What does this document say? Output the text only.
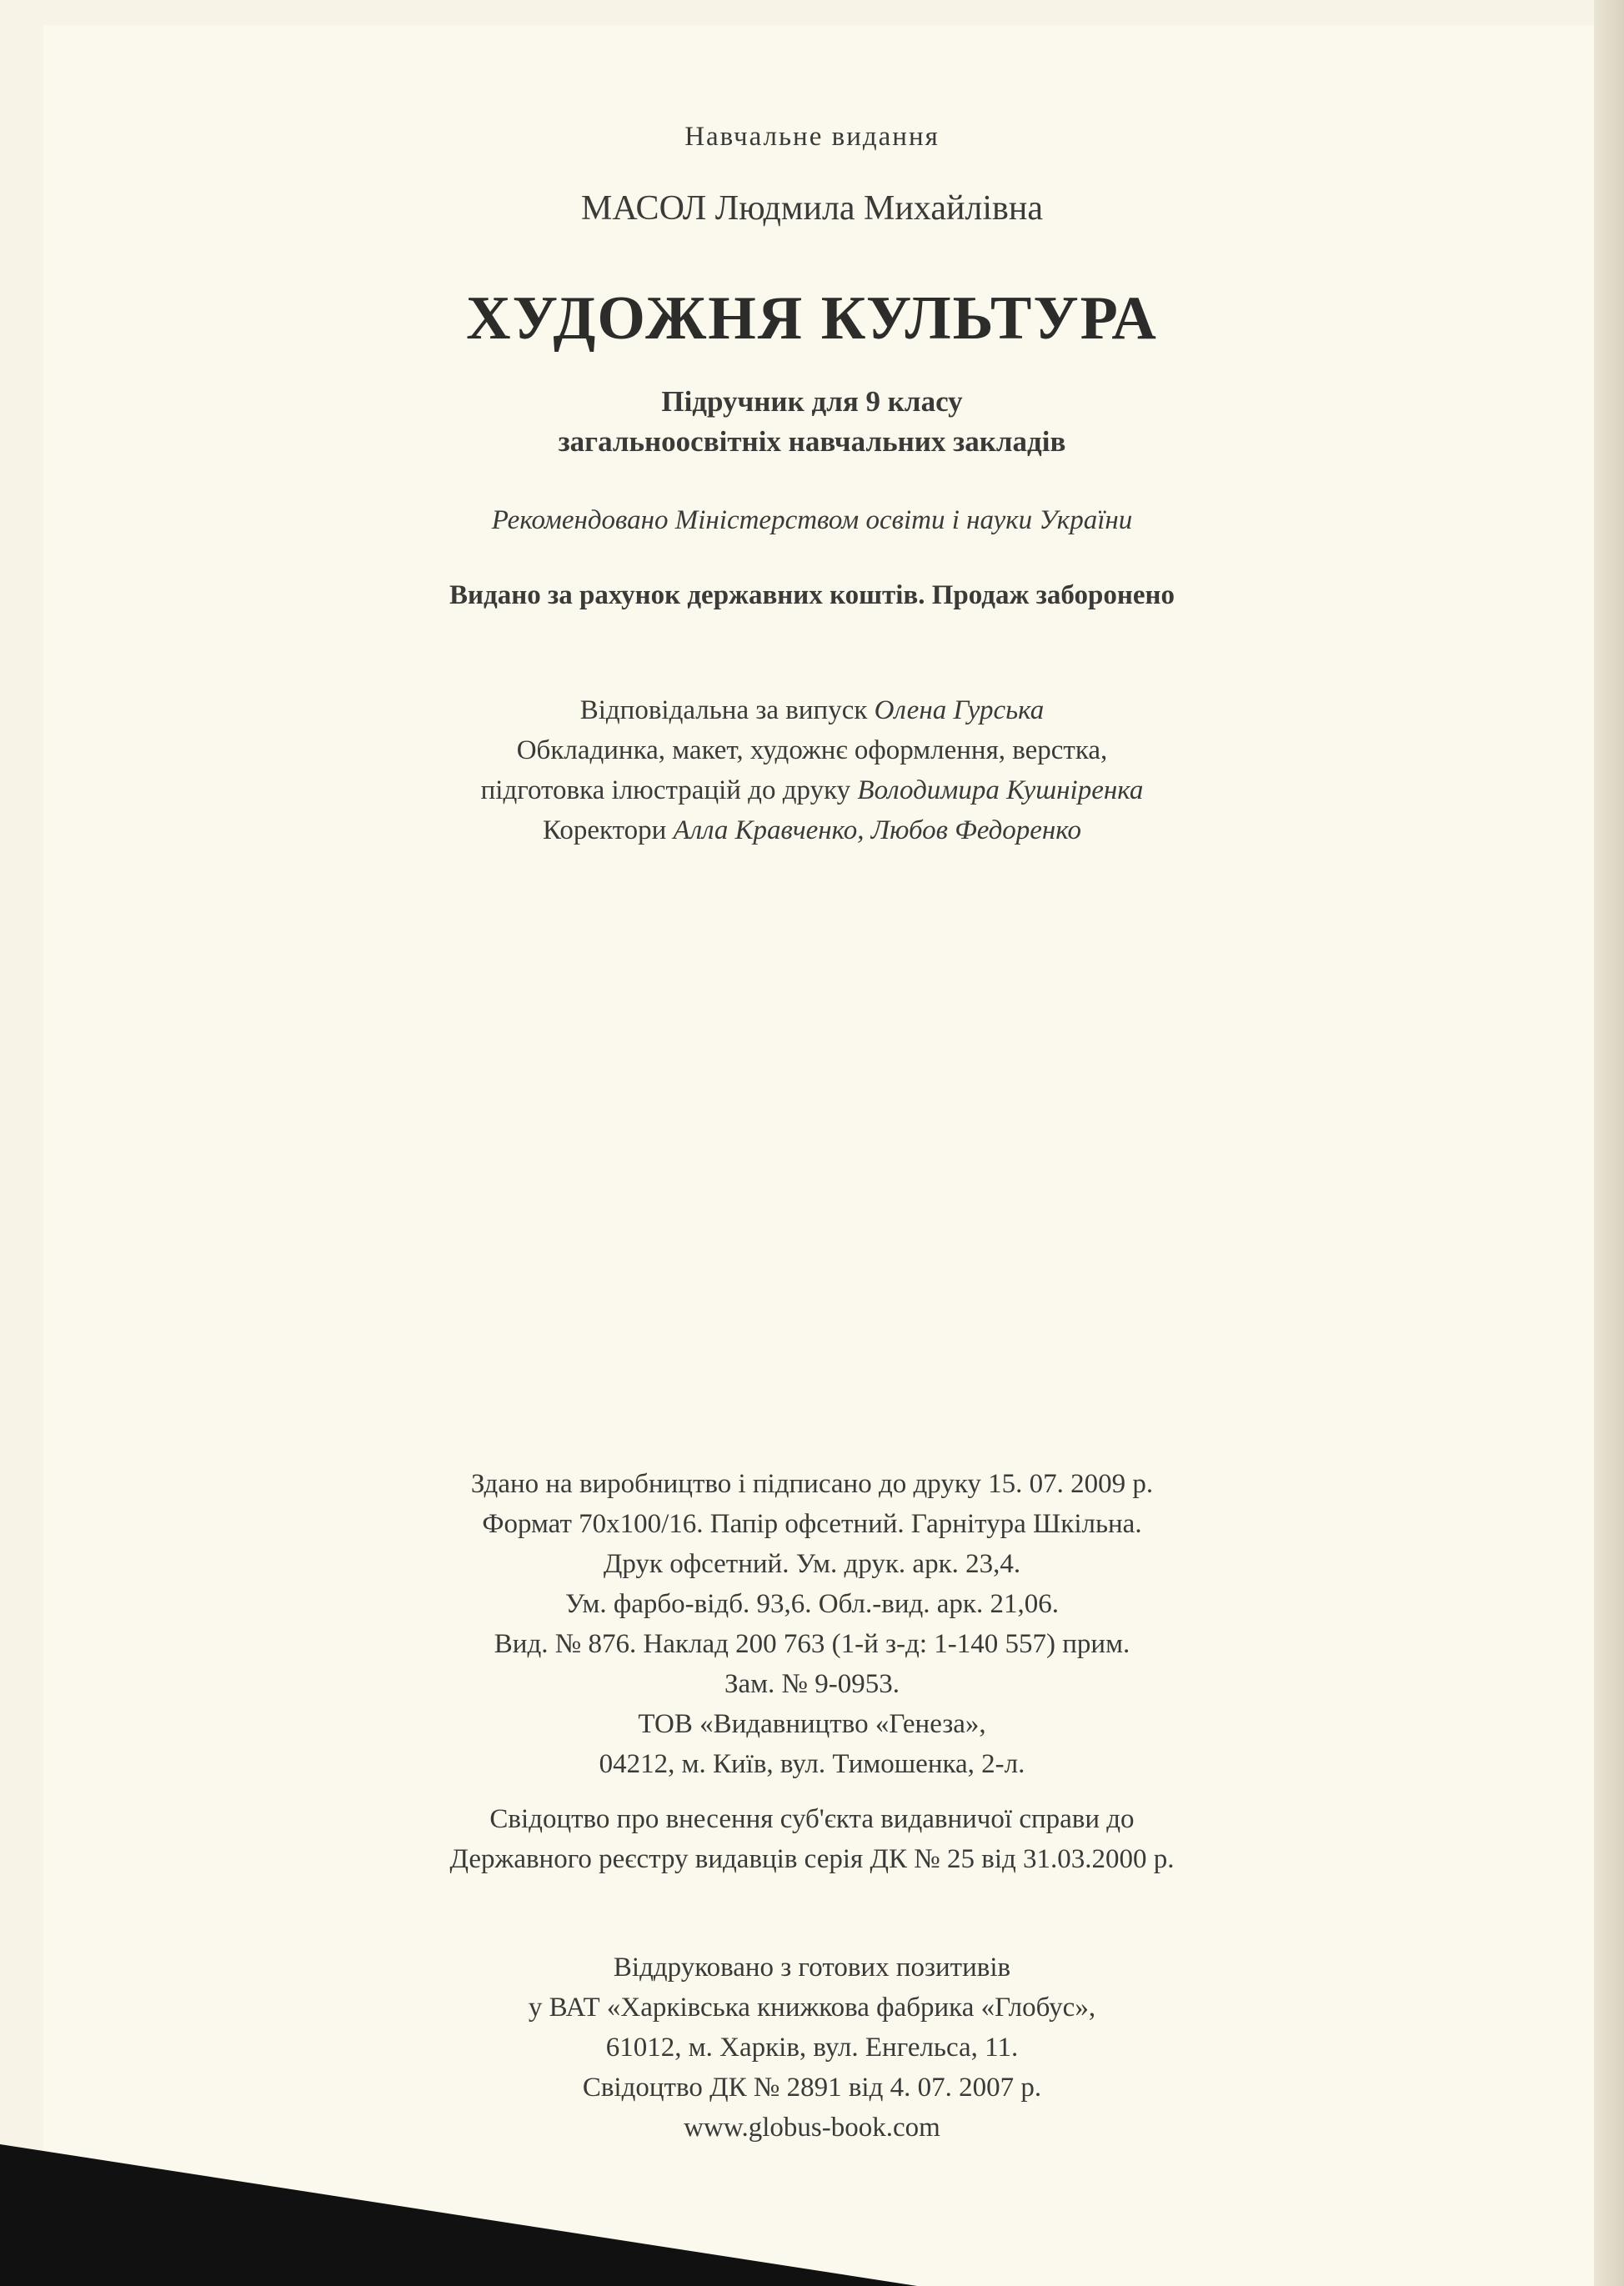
Навчальне видання
МАСОЛ Людмила Михайлівна
ХУДОЖНЯ КУЛЬТУРА
Підручник для 9 класу
загальноосвітніх навчальних закладів
Рекомендовано Міністерством освіти і науки України
Видано за рахунок державних коштів. Продаж заборонено
Відповідальна за випуск Олена Гурська
Обкладинка, макет, художнє оформлення, верстка,
підготовка ілюстрацій до друку Володимира Кушніренка
Коректори Алла Кравченко, Любов Федоренко
Здано на виробництво і підписано до друку 15. 07. 2009 р.
Формат 70x100/16. Папір офсетний. Гарнітура Шкільна.
Друк офсетний. Ум. друк. арк. 23,4.
Ум. фарбо-відб. 93,6. Обл.-вид. арк. 21,06.
Вид. № 876. Наклад 200 763 (1-й з-д: 1-140 557) прим.
Зам. № 9-0953.
ТОВ «Видавництво «Генеза»,
04212, м. Київ, вул. Тимошенка, 2-л.
Свідоцтво про внесення суб'єкта видавничої справи до
Державного реєстру видавців серія ДК № 25 від 31.03.2000 р.
Віддруковано з готових позитивів
у ВАТ «Харківська книжкова фабрика «Глобус»,
61012, м. Харків, вул. Енгельса, 11.
Свідоцтво ДК № 2891 від 4. 07. 2007 р.
www.globus-book.com
